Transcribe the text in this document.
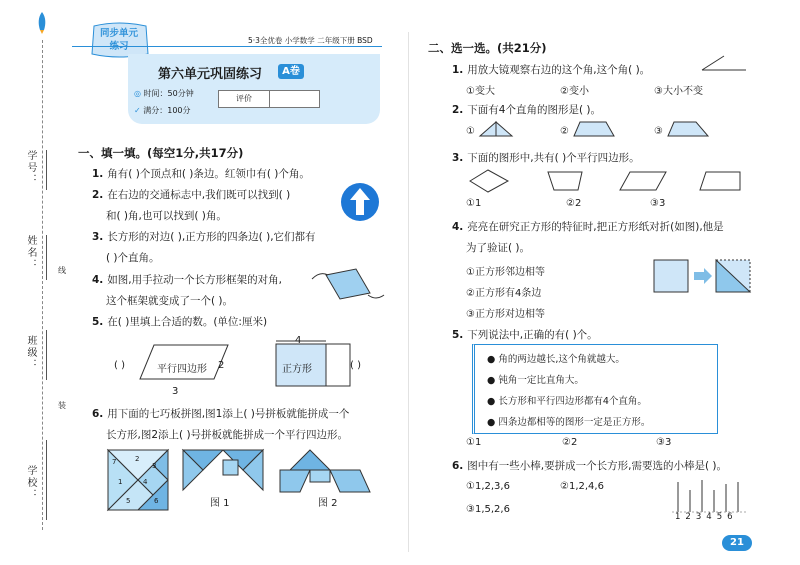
学号：
姓名：
班级：
学校：
线
装
同步单元
5·3全优卷 小学数学 二年级下册 BSD
第六单元巩固练习	A卷
◎ 时间：50分钟
✓ 满分：100分
评价
一、填一填。(每空1分,共17分)
1. 角有( )个顶点和( )条边。红领巾有( )个角。
2. 在右边的交通标志中,我们既可以找到( )
和( )角,也可以找到( )角。
3. 长方形的对边( ),正方形的四条边( ),它们都有
( )个直角。
4. 如图,用手拉动一个长方形框架的对角,
这个框架就变成了一个( )。
5. 在( )里填上合适的数。(单位:厘米)
( )	平行四边形 2
3
4
正方形	( )
6. 用下面的七巧板拼图,图1添上( )号拼板就能拼成一个
长方形,图2添上( )号拼板就能拼成一个平行四边形。
1
2
3
4
5	6
7
图 1	图 2
二、选一选。(共21分)
1. 用放大镜观察右边的这个角,这个角( )。
①变大	②变小	③大小不变
2. 下面有4个直角的图形是( )。
①	②	③
3. 下面的图形中,共有( )个平行四边形。
①1	②2	③3
4. 亮亮在研究正方形的特征时,把正方形纸对折(如图),他是
为了验证( )。
①正方形邻边相等
②正方形有4条边
③正方形对边相等
5. 下列说法中,正确的有( )个。
● 角的两边越长,这个角就越大。
● 钝角一定比直角大。
● 长方形和平行四边形都有4个直角。
● 四条边都相等的图形一定是正方形。
①1	②2	③3
6. 图中有一些小棒,要拼成一个长方形,需要选的小棒是( )。
①1,2,3,6	②1,2,4,6
③1,5,2,6
123456
21
